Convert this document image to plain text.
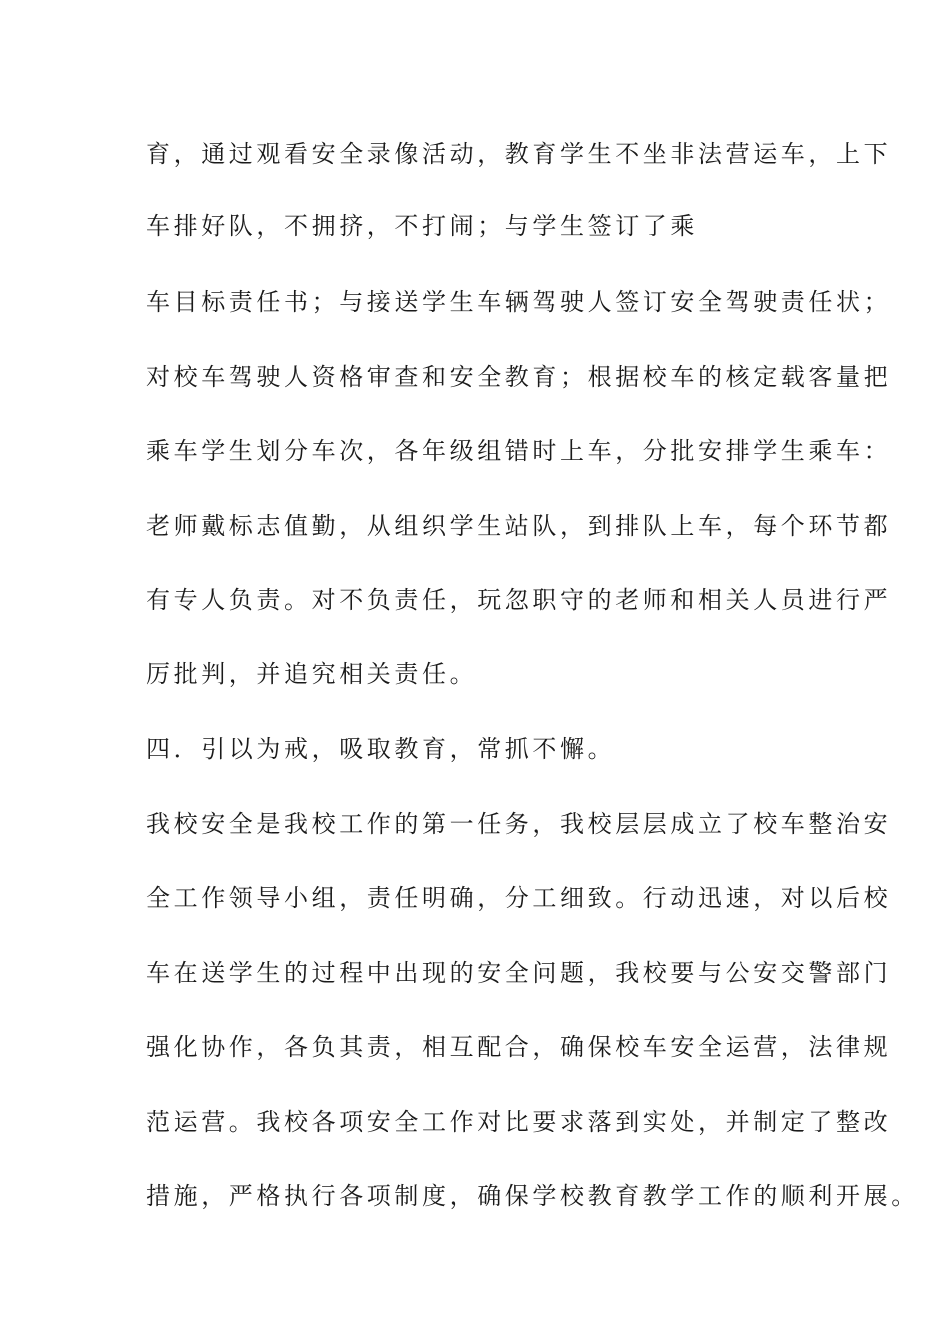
育，通过观看安全录像活动，教育学生不坐非法营运车，上下

车排好队，不拥挤，不打闹；与学生签订了乘

车目标责任书；与接送学生车辆驾驶人签订安全驾驶责任状；

对校车驾驶人资格审查和安全教育；根据校车的核定载客量把

乘车学生划分车次，各年级组错时上车，分批安排学生乘车：

老师戴标志值勤，从组织学生站队，到排队上车，每个环节都

有专人负责。对不负责任，玩忽职守的老师和相关人员进行严

厉批判，并追究相关责任。

四．引以为戒，吸取教育，常抓不懈。

我校安全是我校工作的第一任务，我校层层成立了校车整治安

全工作领导小组，责任明确，分工细致。行动迅速，对以后校

车在送学生的过程中出现的安全问题，我校要与公安交警部门

强化协作，各负其责，相互配合，确保校车安全运营，法律规

范运营。我校各项安全工作对比要求落到实处，并制定了整改

措施，严格执行各项制度，确保学校教育教学工作的顺利开展。
